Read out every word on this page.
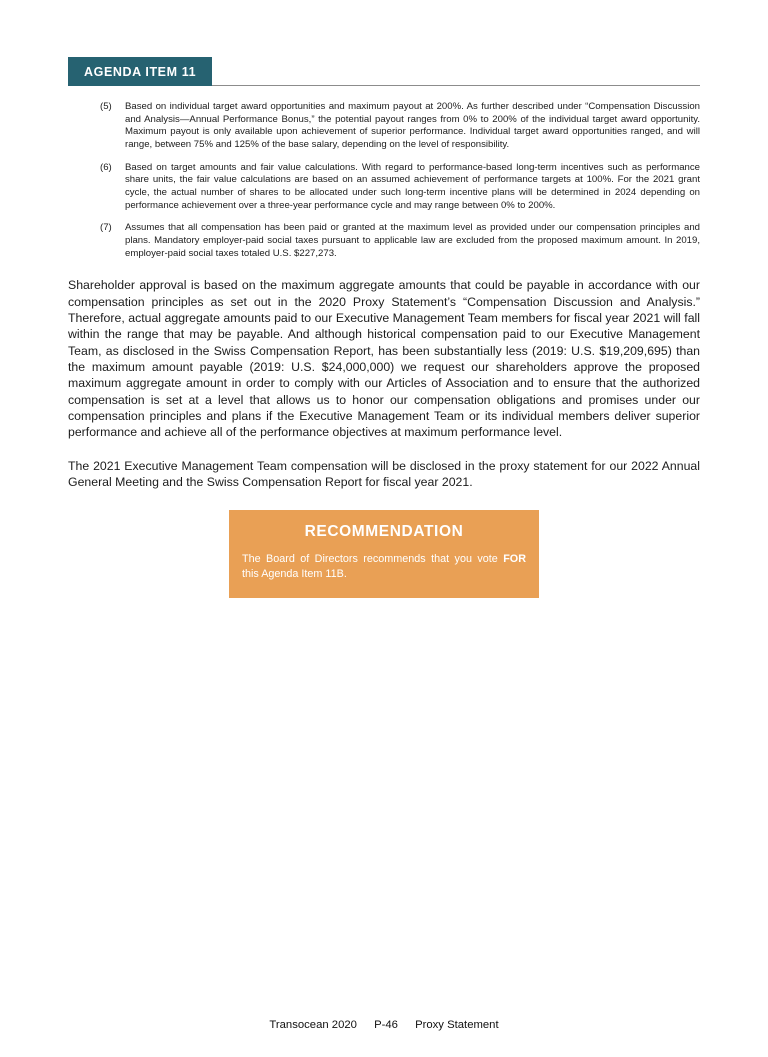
AGENDA ITEM 11
(5)	Based on individual target award opportunities and maximum payout at 200%. As further described under “Compensation Discussion and Analysis—Annual Performance Bonus,” the potential payout ranges from 0% to 200% of the individual target award opportunity. Maximum payout is only available upon achievement of superior performance. Individual target award opportunities ranged, and will range, between 75% and 125% of the base salary, depending on the level of responsibility.
(6)	Based on target amounts and fair value calculations. With regard to performance-based long-term incentives such as performance share units, the fair value calculations are based on an assumed achievement of performance targets at 100%. For the 2021 grant cycle, the actual number of shares to be allocated under such long-term incentive plans will be determined in 2024 depending on performance achievement over a three-year performance cycle and may range between 0% to 200%.
(7)	Assumes that all compensation has been paid or granted at the maximum level as provided under our compensation principles and plans. Mandatory employer-paid social taxes pursuant to applicable law are excluded from the proposed maximum amount. In 2019, employer-paid social taxes totaled U.S. $227,273.

Shareholder approval is based on the maximum aggregate amounts that could be payable in accordance with our compensation principles as set out in the 2020 Proxy Statement’s “Compensation Discussion and Analysis.” Therefore, actual aggregate amounts paid to our Executive Management Team members for fiscal year 2021 will fall within the range that may be payable. And although historical compensation paid to our Executive Management Team, as disclosed in the Swiss Compensation Report, has been substantially less (2019: U.S. $19,209,695) than the maximum amount payable (2019: U.S. $24,000,000) we request our shareholders approve the proposed maximum aggregate amount in order to comply with our Articles of Association and to ensure that the authorized compensation is set at a level that allows us to honor our compensation obligations and promises under our compensation principles and plans if the Executive Management Team or its individual members deliver superior performance and achieve all of the performance objectives at maximum performance level.

The 2021 Executive Management Team compensation will be disclosed in the proxy statement for our 2022 Annual General Meeting and the Swiss Compensation Report for fiscal year 2021.

RECOMMENDATION
The Board of Directors recommends that you vote FOR this Agenda Item 11B.
Transocean 2020 P-46 Proxy Statement
